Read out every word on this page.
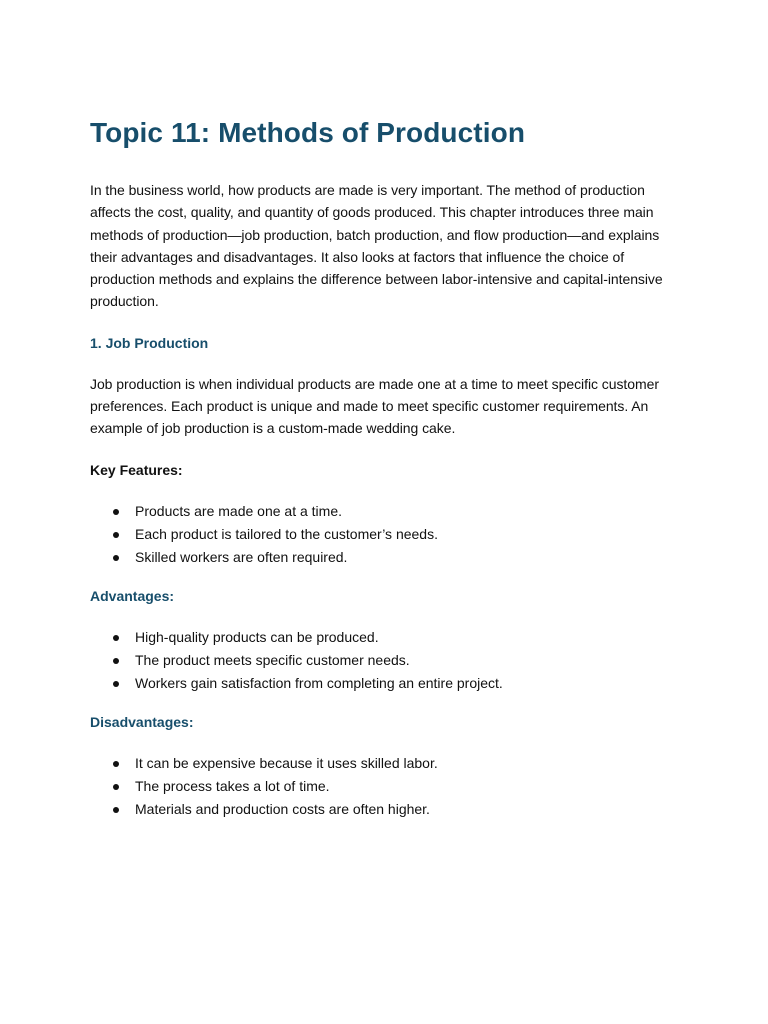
Topic 11: Methods of Production

In the business world, how products are made is very important. The method of production affects the cost, quality, and quantity of goods produced. This chapter introduces three main methods of production—job production, batch production, and flow production—and explains their advantages and disadvantages. It also looks at factors that influence the choice of production methods and explains the difference between labor-intensive and capital-intensive production.

1. Job Production

Job production is when individual products are made one at a time to meet specific customer preferences. Each product is unique and made to meet specific customer requirements. An example of job production is a custom-made wedding cake.

Key Features:

Products are made one at a time.
Each product is tailored to the customer’s needs.
Skilled workers are often required.

Advantages:

High-quality products can be produced.
The product meets specific customer needs.
Workers gain satisfaction from completing an entire project.

Disadvantages:

It can be expensive because it uses skilled labor.
The process takes a lot of time.
Materials and production costs are often higher.
